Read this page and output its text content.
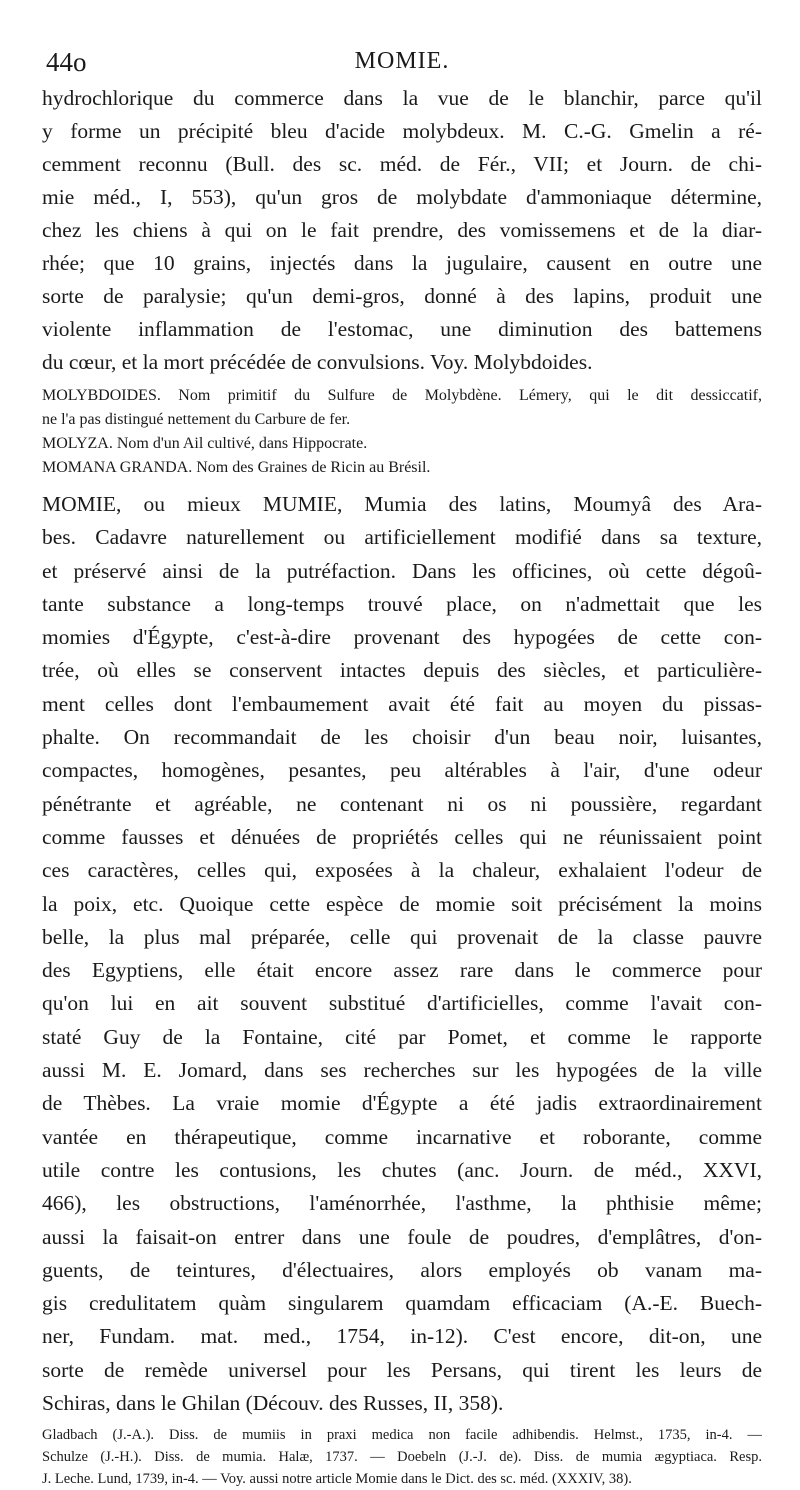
44o	MOMIE.
hydrochlorique du commerce dans la vue de le blanchir, parce qu'il
y forme un précipité bleu d'acide molybdeux. M. C.-G. Gmelin a ré-
cemment reconnu (Bull. des sc. méd. de Fér., VII; et Journ. de chi-
mie méd., I, 553), qu'un gros de molybdate d'ammoniaque détermine,
chez les chiens à qui on le fait prendre, des vomissemens et de la diar-
rhée; que 10 grains, injectés dans la jugulaire, causent en outre une
sorte de paralysie; qu'un demi-gros, donné à des lapins, produit une
violente inflammation de l'estomac, une diminution des battemens
du cœur, et la mort précédée de convulsions. Voy. Molybdoides.
MOLYBDOIDES. Nom primitif du Sulfure de Molybdène. Lémery, qui le dit dessiccatif,
ne l'a pas distingué nettement du Carbure de fer.
MOLYZA. Nom d'un Ail cultivé, dans Hippocrate.
MOMANA GRANDA. Nom des Graines de Ricin au Brésil.
MOMIE, ou mieux MUMIE, Mumia des latins, Moumyâ des Ara-
bes. Cadavre naturellement ou artificiellement modifié dans sa texture,
et préservé ainsi de la putréfaction. Dans les officines, où cette dégoû-
tante substance a long-temps trouvé place, on n'admettait que les
momies d'Égypte, c'est-à-dire provenant des hypogées de cette con-
trée, où elles se conservent intactes depuis des siècles, et particulière-
ment celles dont l'embaumement avait été fait au moyen du pissas-
phalte. On recommandait de les choisir d'un beau noir, luisantes,
compactes, homogènes, pesantes, peu altérables à l'air, d'une odeur
pénétrante et agréable, ne contenant ni os ni poussière, regardant
comme fausses et dénuées de propriétés celles qui ne réunissaient point
ces caractères, celles qui, exposées à la chaleur, exhalaient l'odeur de
la poix, etc. Quoique cette espèce de momie soit précisément la moins
belle, la plus mal préparée, celle qui provenait de la classe pauvre
des Egyptiens, elle était encore assez rare dans le commerce pour
qu'on lui en ait souvent substitué d'artificielles, comme l'avait con-
staté Guy de la Fontaine, cité par Pomet, et comme le rapporte
aussi M. E. Jomard, dans ses recherches sur les hypogées de la ville
de Thèbes. La vraie momie d'Égypte a été jadis extraordinairement
vantée en thérapeutique, comme incarnative et roborante, comme
utile contre les contusions, les chutes (anc. Journ. de méd., XXVI,
466), les obstructions, l'aménorrhée, l'asthme, la phthisie même;
aussi la faisait-on entrer dans une foule de poudres, d'emplâtres, d'on-
guents, de teintures, d'électuaires, alors employés ob vanam ma-
gis credulitatem quàm singularem quamdam efficaciam (A.-E. Buech-
ner, Fundam. mat. med., 1754, in-12). C'est encore, dit-on, une
sorte de remède universel pour les Persans, qui tirent les leurs de
Schiras, dans le Ghilan (Découv. des Russes, II, 358).
Gladbach (J.-A.). Diss. de mumiis in praxi medica non facile adhibendis. Helmst., 1735, in-4. —
Schulze (J.-H.). Diss. de mumia. Halæ, 1737. — Doebeln (J.-J. de). Diss. de mumia ægyptiaca. Resp.
J. Leche. Lund, 1739, in-4. — Voy. aussi notre article Momie dans le Dict. des sc. méd. (XXXIV, 38).
